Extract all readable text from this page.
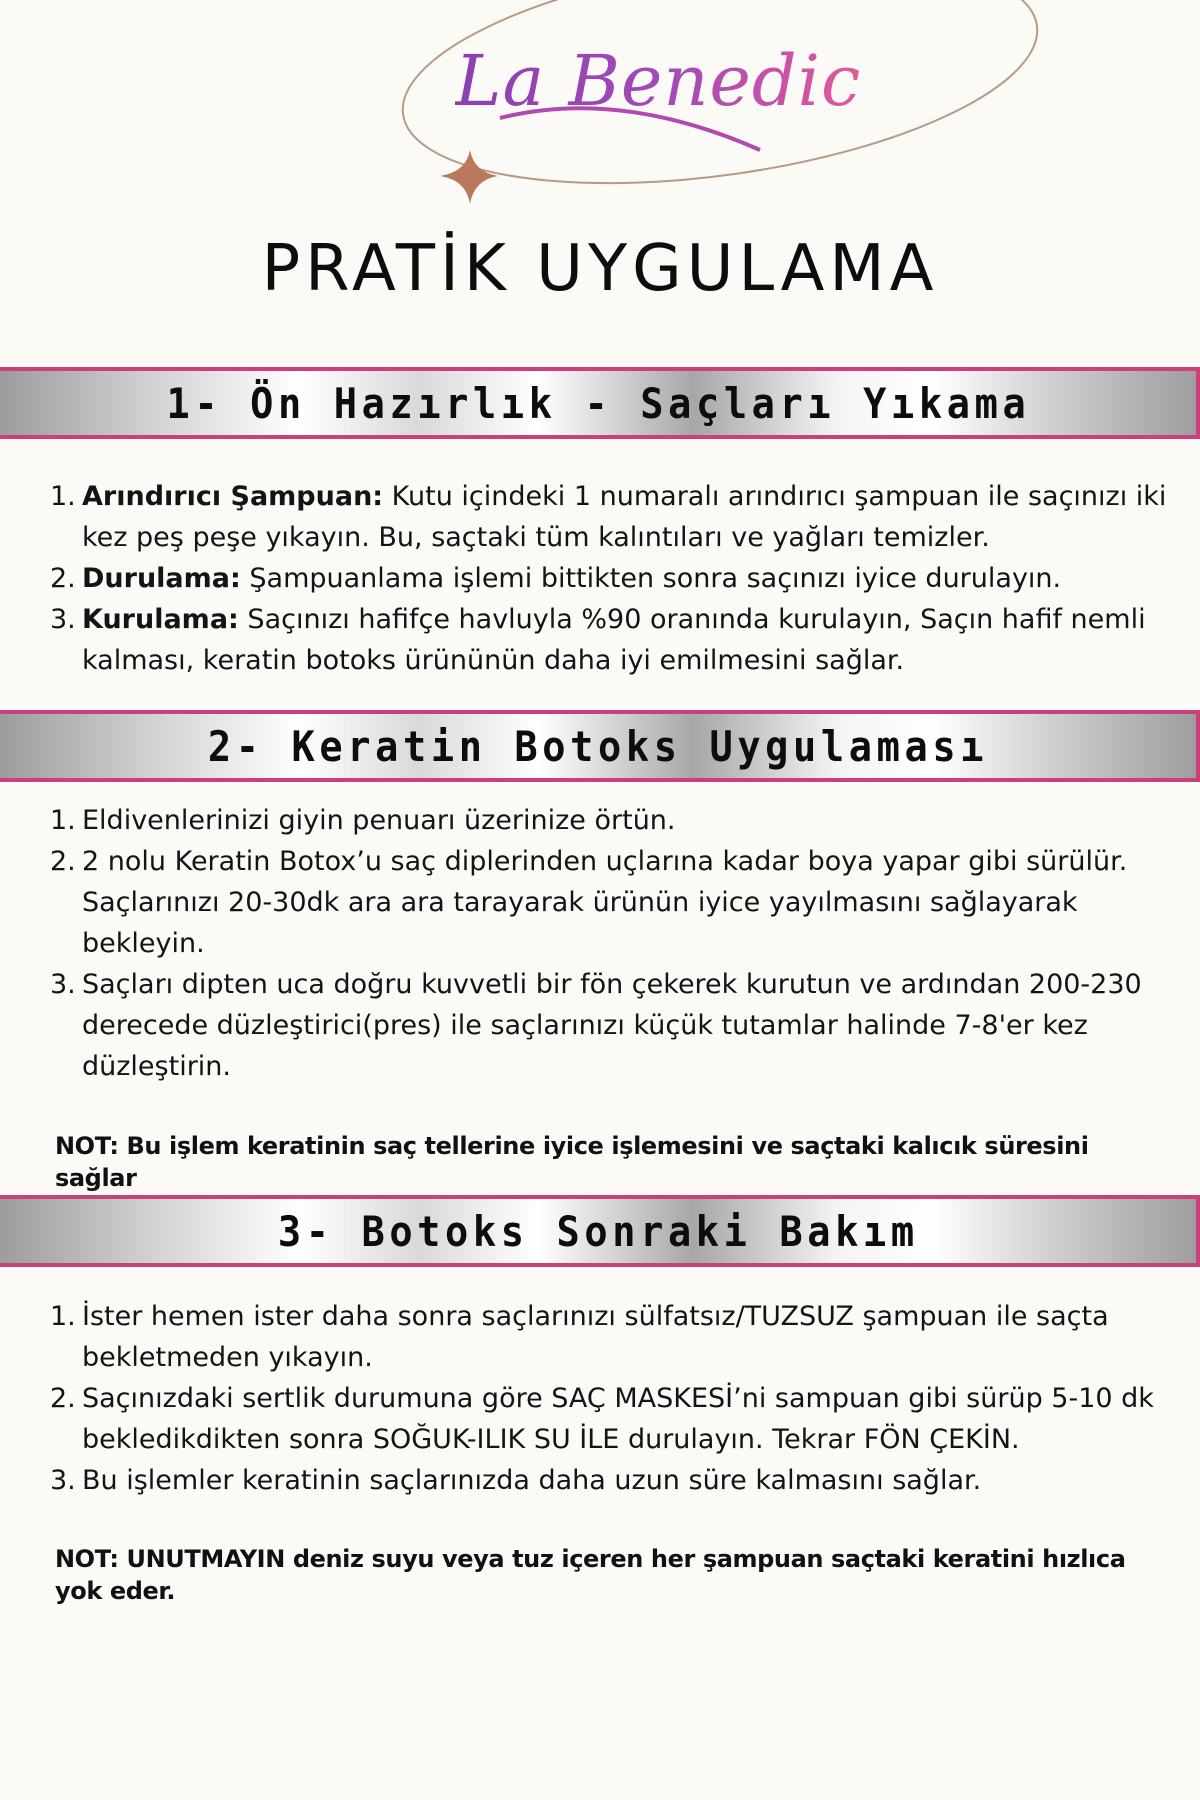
La Benedic
PRATİK UYGULAMA
1- Ön Hazırlık - Saçları Yıkama
1. Arındırıcı Şampuan: Kutu içindeki 1 numaralı arındırıcı şampuan ile saçınızı iki kez peş peşe yıkayın. Bu, saçtaki tüm kalıntıları ve yağları temizler.
2. Durulama: Şampuanlama işlemi bittikten sonra saçınızı iyice durulayın.
3. Kurulama: Saçınızı hafifçe havluyla %90 oranında kurulayın, Saçın hafif nemli kalması, keratin botoks ürününün daha iyi emilmesini sağlar.
2- Keratin Botoks Uygulaması
1. Eldivenlerinizi giyin penuarı üzerinize örtün.
2. 2 nolu Keratin Botox’u saç diplerinden uçlarına kadar boya yapar gibi sürülür. Saçlarınızı 20-30dk ara ara tarayarak ürünün iyice yayılmasını sağlayarak bekleyin.
3. Saçları dipten uca doğru kuvvetli bir fön çekerek kurutun ve ardından 200-230 derecede düzleştirici(pres) ile saçlarınızı küçük tutamlar halinde 7-8'er kez düzleştirin.
NOT: Bu işlem keratinin saç tellerine iyice işlemesini ve saçtaki kalıcık süresini sağlar
3- Botoks Sonraki Bakım
1. İster hemen ister daha sonra saçlarınızı sülfatsız/TUZSUZ şampuan ile saçta bekletmeden yıkayın.
2. Saçınızdaki sertlik durumuna göre SAÇ MASKESİ’ni sampuan gibi sürüp 5-10 dk bekledikdikten sonra SOĞUK-ILIK SU İLE durulayın. Tekrar FÖN ÇEKİN.
3. Bu işlemler keratinin saçlarınızda daha uzun süre kalmasını sağlar.
NOT: UNUTMAYIN deniz suyu veya tuz içeren her şampuan saçtaki keratini hızlıca yok eder.
